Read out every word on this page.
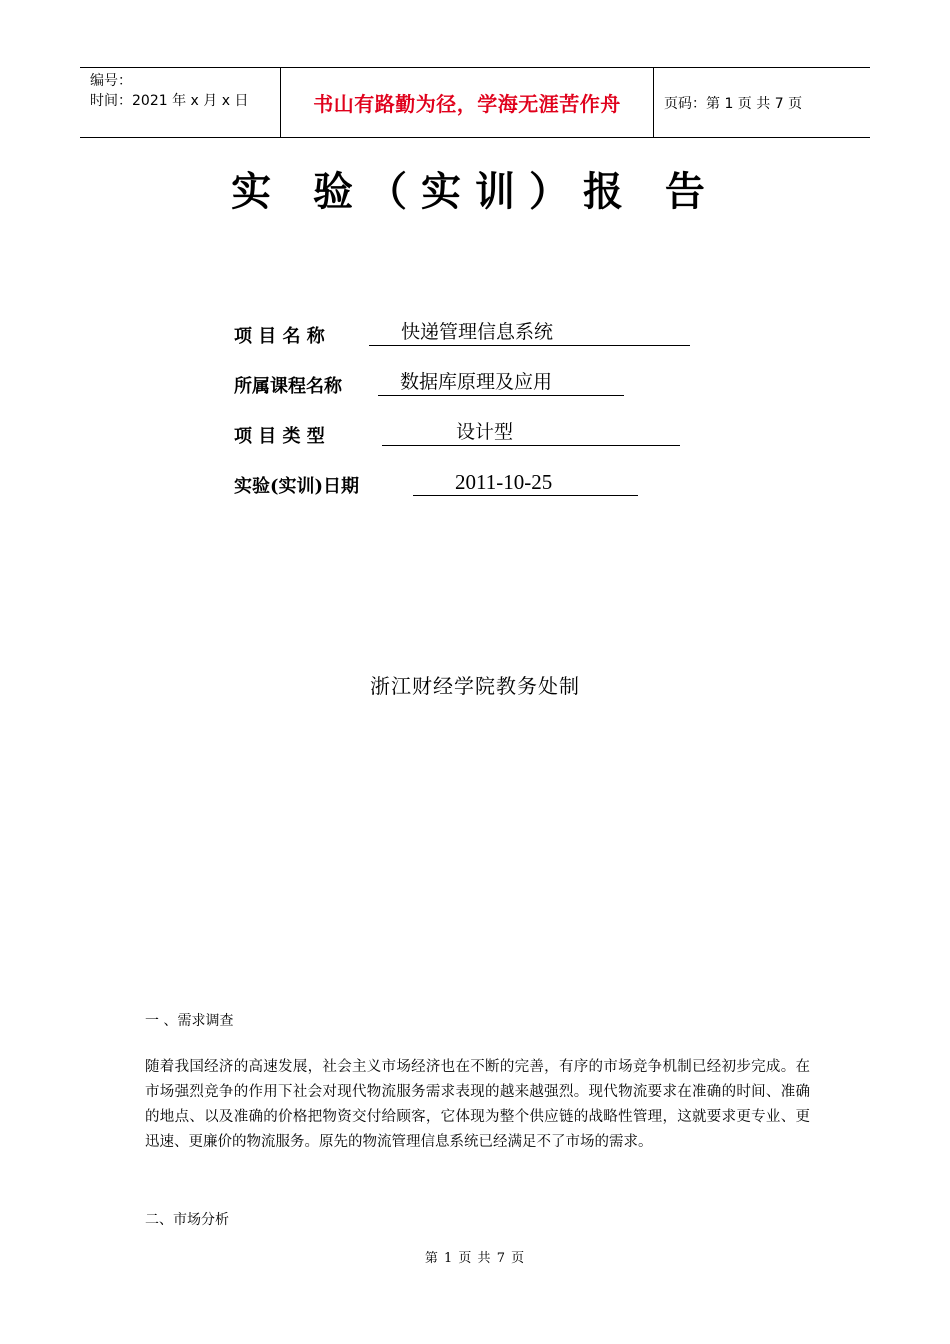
编号：
时间：2021 年 x 月 x 日	书山有路勤为径，学海无涯苦作舟	页码：第 1 页 共 7 页
实 验（实训）报 告
项 目 名 称	快递管理信息系统
所属课程名称	数据库原理及应用
项 目 类 型	设计型
实验(实训)日期	2011-10-25
浙江财经学院教务处制
一 、需求调查
随着我国经济的高速发展，社会主义市场经济也在不断的完善，有序的市场竞争机制已经初步完成。在市场强烈竞争的作用下社会对现代物流服务需求表现的越来越强烈。现代物流要求在准确的时间、准确的地点、以及准确的价格把物资交付给顾客，它体现为整个供应链的战略性管理，这就要求更专业、更迅速、更廉价的物流服务。原先的物流管理信息系统已经满足不了市场的需求。
二、市场分析
第 1 页 共 7 页
